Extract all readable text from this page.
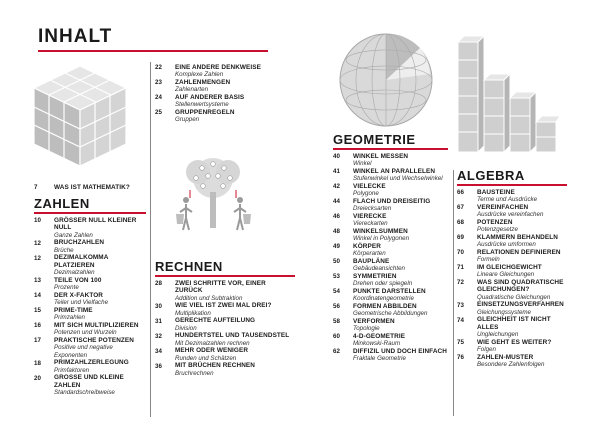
INHALT
7	WAS IST MATHEMATIK?
ZAHLEN
10	GRÖSSER NULL KLEINER NULL
Ganze Zahlen
12	BRUCHZAHLEN
Brüche
12	DEZIMALKOMMA PLATZIEREN
Dezimalzahlen
13	TEILE VON 100
Prozente
14	DER X-FAKTOR
Teiler und Vielfache
15	PRIME-TIME
Primzahlen
16	MIT SICH MULTIPLIZIEREN
Potenzen und Wurzeln
17	PRAKTISCHE POTENZEN
Positive und negative Exponenten
18	PRIMZAHLZERLEGUNG
Primfaktoren
20	GROSSE UND KLEINE ZAHLEN
Standardschreibweise
22	EINE ANDERE DENKWEISE
Komplexe Zahlen
23	ZAHLENMENGEN
Zahlenarten
24	AUF ANDERER BASIS
Stellenwertsysteme
25	GRUPPENREGELN
Gruppen
RECHNEN
28	ZWEI SCHRITTE VOR, EINER ZURÜCK
Addition und Subtraktion
30	WIE VIEL IST ZWEI MAL DREI?
Multiplikation
31	GERECHTE AUFTEILUNG
Division
32	HUNDERTSTEL UND TAUSENDSTEL
Mit Dezimalzahlen rechnen
34	MEHR ODER WENIGER
Runden und Schätzen
36	MIT BRÜCHEN RECHNEN
Bruchrechnen
GEOMETRIE
40	WINKEL MESSEN
Winkel
41	WINKEL AN PARALLELEN
Stufenwinkel und Wechselwinkel
42	VIELECKE
Polygone
44	FLACH UND DREISEITIG
Dreiecksarten
46	VIERECKE
Viereckarten
48	WINKELSUMMEN
Winkel in Polygonen
49	KÖRPER
Körperarten
50	BAUPLÄNE
Gebäudeansichten
53	SYMMETRIEN
Drehen oder spiegeln
54	PUNKTE DARSTELLEN
Koordinatengeometrie
56	FORMEN ABBILDEN
Geometrische Abbildungen
58	VERFORMEN
Topologie
60	4-D-GEOMETRIE
Minkowski-Raum
62	DIFFIZIL UND DOCH EINFACH
Fraktale Geometrie
ALGEBRA
66	BAUSTEINE
Terme und Ausdrücke
67	VEREINFACHEN
Ausdrücke vereinfachen
68	POTENZEN
Potenzgesetze
69	KLAMMERN BEHANDELN
Ausdrücke umformen
70	RELATIONEN DEFINIEREN
Formeln
71	IM GLEICHGEWICHT
Lineare Gleichungen
72	WAS SIND QUADRATISCHE GLEICHUNGEN?
Quadratische Gleichungen
73	EINSETZUNGSVERFAHREN
Gleichungssysteme
74	GLEICHHEIT IST NICHT ALLES
Ungleichungen
75	WIE GEHT ES WEITER?
Folgen
76	ZAHLEN-MUSTER
Besondere Zahlenfolgen
